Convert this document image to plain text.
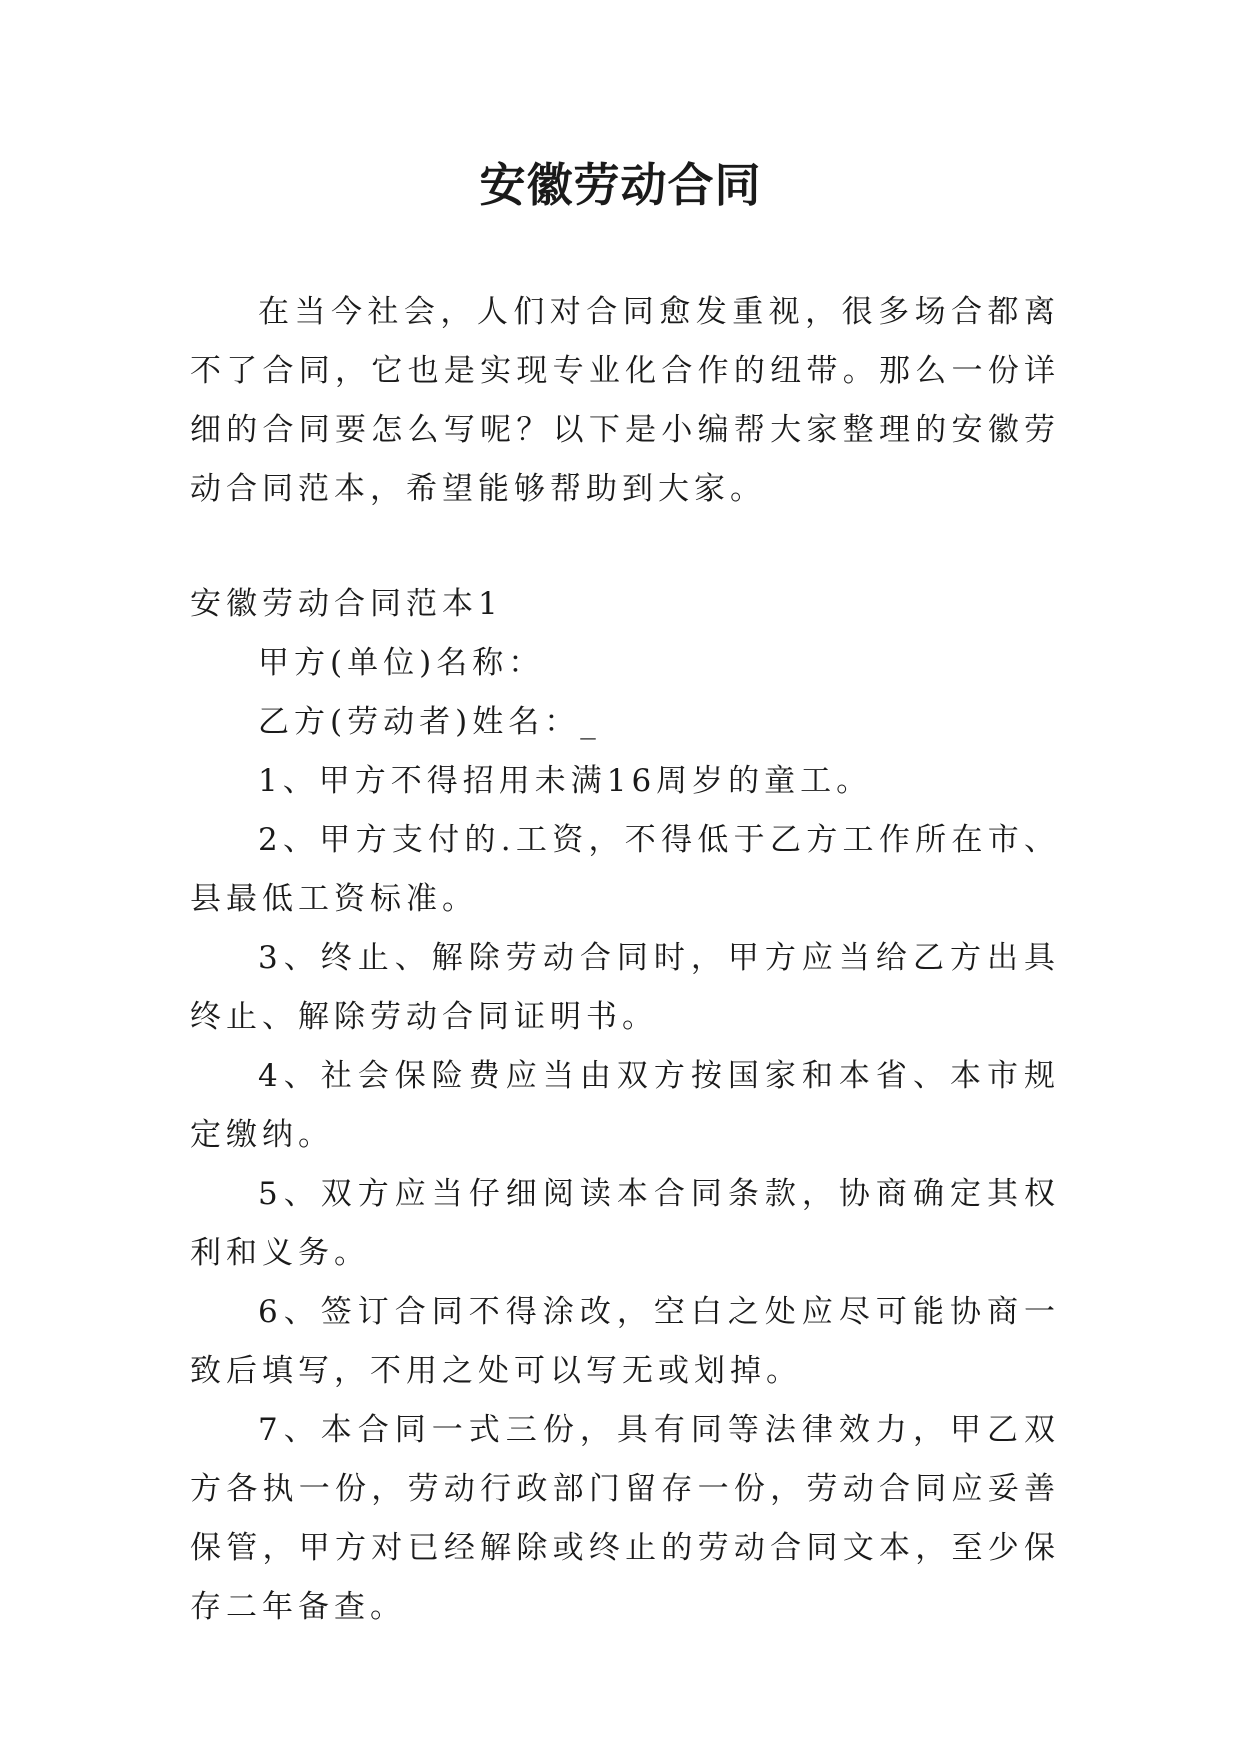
安徽劳动合同

在当今社会，人们对合同愈发重视，很多场合都离不了合同，它也是实现专业化合作的纽带。那么一份详细的合同要怎么写呢？以下是小编帮大家整理的安徽劳动合同范本，希望能够帮助到大家。

安徽劳动合同范本1

甲方(单位)名称：

乙方(劳动者)姓名：_

1、甲方不得招用未满16周岁的童工。

2、甲方支付的.工资，不得低于乙方工作所在市、县最低工资标准。

3、终止、解除劳动合同时，甲方应当给乙方出具终止、解除劳动合同证明书。

4、社会保险费应当由双方按国家和本省、本市规定缴纳。

5、双方应当仔细阅读本合同条款，协商确定其权利和义务。

6、签订合同不得涂改，空白之处应尽可能协商一致后填写，不用之处可以写无或划掉。

7、本合同一式三份，具有同等法律效力，甲乙双方各执一份，劳动行政部门留存一份，劳动合同应妥善保管，甲方对已经解除或终止的劳动合同文本，至少保存二年备查。
